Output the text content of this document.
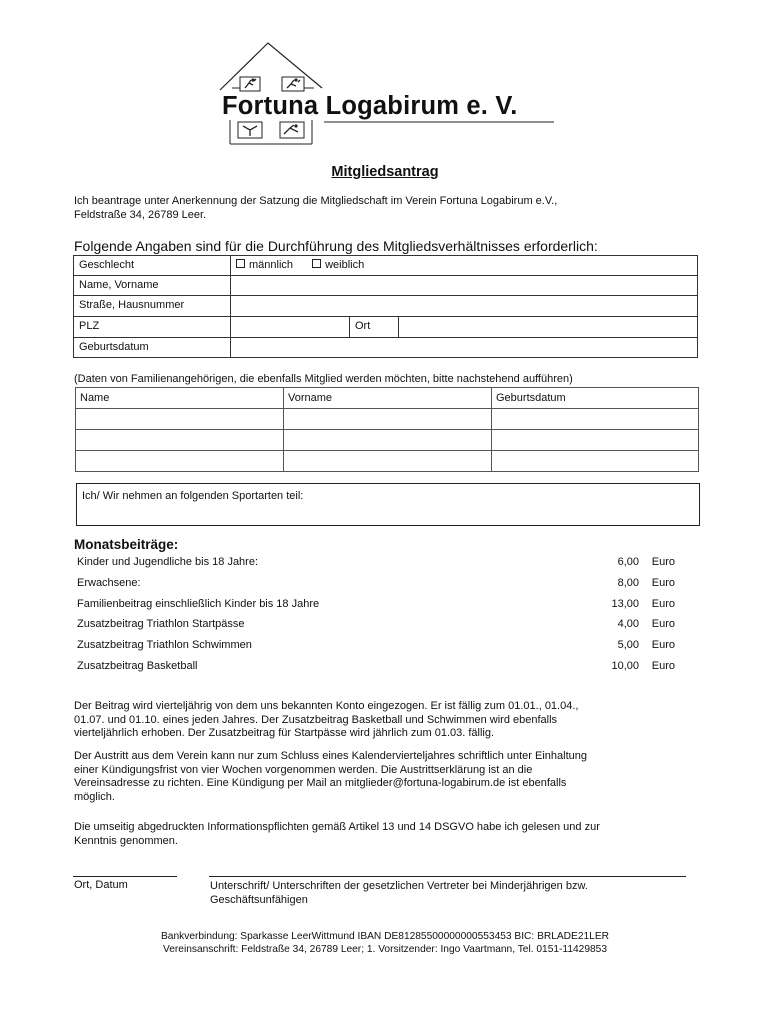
Fortuna Logabirum e. V.
Mitgliedsantrag
Ich beantrage unter Anerkennung der Satzung die Mitgliedschaft im Verein Fortuna Logabirum e.V.,
Feldstraße 34, 26789 Leer.
Folgende Angaben sind für die Durchführung des Mitgliedsverhältnisses erforderlich:
Geschlecht	männlich	weiblich
Name, Vorname
Straße, Hausnummer
PLZ	Ort
Geburtsdatum
(Daten von Familienangehörigen, die ebenfalls Mitglied werden möchten, bitte nachstehend aufführen)
Name	Vorname	Geburtsdatum

Ich/ Wir nehmen an folgenden Sportarten teil:
Monatsbeiträge:
Kinder und Jugendliche bis 18 Jahre:	6,00 Euro
Erwachsene:	8,00 Euro
Familienbeitrag einschließlich Kinder bis 18 Jahre	13,00 Euro
Zusatzbeitrag Triathlon Startpässe	4,00 Euro
Zusatzbeitrag Triathlon Schwimmen	5,00 Euro
Zusatzbeitrag Basketball	10,00 Euro
Der Beitrag wird vierteljährig von dem uns bekannten Konto eingezogen. Er ist fällig zum 01.01., 01.04.,
01.07. und 01.10. eines jeden Jahres. Der Zusatzbeitrag Basketball und Schwimmen wird ebenfalls
vierteljährlich erhoben. Der Zusatzbeitrag für Startpässe wird jährlich zum 01.03. fällig.
Der Austritt aus dem Verein kann nur zum Schluss eines Kalendervierteljahres schriftlich unter Einhaltung
einer Kündigungsfrist von vier Wochen vorgenommen werden. Die Austrittserklärung ist an die
Vereinsadresse zu richten. Eine Kündigung per Mail an mitglieder@fortuna-logabirum.de ist ebenfalls
möglich.
Die umseitig abgedruckten Informationspflichten gemäß Artikel 13 und 14 DSGVO habe ich gelesen und zur
Kenntnis genommen.
Ort, Datum	Unterschrift/ Unterschriften der gesetzlichen Vertreter bei Minderjährigen bzw.
Geschäftsunfähigen
Bankverbindung: Sparkasse LeerWittmund IBAN DE81285500000000553453 BIC: BRLADE21LER
Vereinsanschrift: Feldstraße 34, 26789 Leer; 1. Vorsitzender: Ingo Vaartmann, Tel. 0151-11429853
